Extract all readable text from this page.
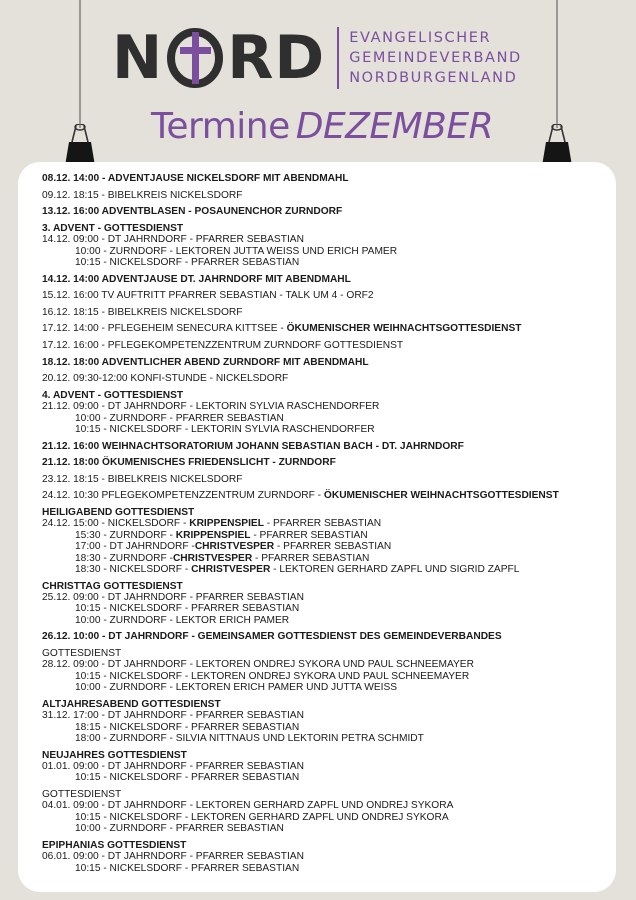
N RD EVANGELISCHER
GEMEINDEVERBAND
NORDBURGENLAND
Termine DEZEMBER
08.12. 14:00 - ADVENTJAUSE NICKELSDORF MIT ABENDMAHL
09.12. 18:15 - BIBELKREIS NICKELSDORF
13.12. 16:00 ADVENTBLASEN - POSAUNENCHOR ZURNDORF
3. ADVENT - GOTTESDIENST
14.12. 09:00 - DT JAHRNDORF - PFARRER SEBASTIAN
10:00 - ZURNDORF - LEKTOREN JUTTA WEISS UND ERICH PAMER
10:15 - NICKELSDORF - PFARRER SEBASTIAN
14.12. 14:00 ADVENTJAUSE DT. JAHRNDORF MIT ABENDMAHL
15.12. 16:00 TV AUFTRITT PFARRER SEBASTIAN - TALK UM 4 - ORF2
16.12. 18:15 - BIBELKREIS NICKELSDORF
17.12. 14:00 - PFLEGEHEIM SENECURA KITTSEE - ÖKUMENISCHER WEIHNACHTSGOTTESDIENST
17.12. 16:00 - PFLEGEKOMPETENZZENTRUM ZURNDORF GOTTESDIENST
18.12. 18:00 ADVENTLICHER ABEND ZURNDORF MIT ABENDMAHL
20.12. 09:30-12:00 KONFI-STUNDE - NICKELSDORF
4. ADVENT - GOTTESDIENST
21.12. 09:00 - DT JAHRNDORF - LEKTORIN SYLVIA RASCHENDORFER
10:00 - ZURNDORF - PFARRER SEBASTIAN
10:15 - NICKELSDORF - LEKTORIN SYLVIA RASCHENDORFER
21.12. 16:00 WEIHNACHTSORATORIUM JOHANN SEBASTIAN BACH - DT. JAHRNDORF
21.12. 18:00 ÖKUMENISCHES FRIEDENSLICHT - ZURNDORF
23.12. 18:15 - BIBELKREIS NICKELSDORF
24.12. 10:30 PFLEGEKOMPETENZZENTRUM ZURNDORF - ÖKUMENISCHER WEIHNACHTSGOTTESDIENST
HEILIGABEND GOTTESDIENST
24.12. 15:00 - NICKELSDORF - KRIPPENSPIEL - PFARRER SEBASTIAN
15:30 - ZURNDORF - KRIPPENSPIEL - PFARRER SEBASTIAN
17:00 - DT JAHRNDORF -CHRISTVESPER - PFARRER SEBASTIAN
18:30 - ZURNDORF -CHRISTVESPER - PFARRER SEBASTIAN
18:30 - NICKELSDORF - CHRISTVESPER - LEKTOREN GERHARD ZAPFL UND SIGRID ZAPFL
CHRISTTAG GOTTESDIENST
25.12. 09:00 - DT JAHRNDORF - PFARRER SEBASTIAN
10:15 - NICKELSDORF - PFARRER SEBASTIAN
10:00 - ZURNDORF - LEKTOR ERICH PAMER
26.12. 10:00 - DT JAHRNDORF - GEMEINSAMER GOTTESDIENST DES GEMEINDEVERBANDES
GOTTESDIENST
28.12. 09:00 - DT JAHRNDORF - LEKTOREN ONDREJ SYKORA UND PAUL SCHNEEMAYER
10:15 - NICKELSDORF - LEKTOREN ONDREJ SYKORA UND PAUL SCHNEEMAYER
10:00 - ZURNDORF - LEKTOREN ERICH PAMER UND JUTTA WEISS
ALTJAHRESABEND GOTTESDIENST
31.12. 17:00 - DT JAHRNDORF - PFARRER SEBASTIAN
18:15 - NICKELSDORF - PFARRER SEBASTIAN
18:00 - ZURNDORF - SILVIA NITTNAUS UND LEKTORIN PETRA SCHMIDT
NEUJAHRES GOTTESDIENST
01.01. 09:00 - DT JAHRNDORF - PFARRER SEBASTIAN
10:15 - NICKELSDORF - PFARRER SEBASTIAN
GOTTESDIENST
04.01. 09:00 - DT JAHRNDORF - LEKTOREN GERHARD ZAPFL UND ONDREJ SYKORA
10:15 - NICKELSDORF - LEKTOREN GERHARD ZAPFL UND ONDREJ SYKORA
10:00 - ZURNDORF - PFARRER SEBASTIAN
EPIPHANIAS GOTTESDIENST
06.01. 09:00 - DT JAHRNDORF - PFARRER SEBASTIAN
10:15 - NICKELSDORF - PFARRER SEBASTIAN
